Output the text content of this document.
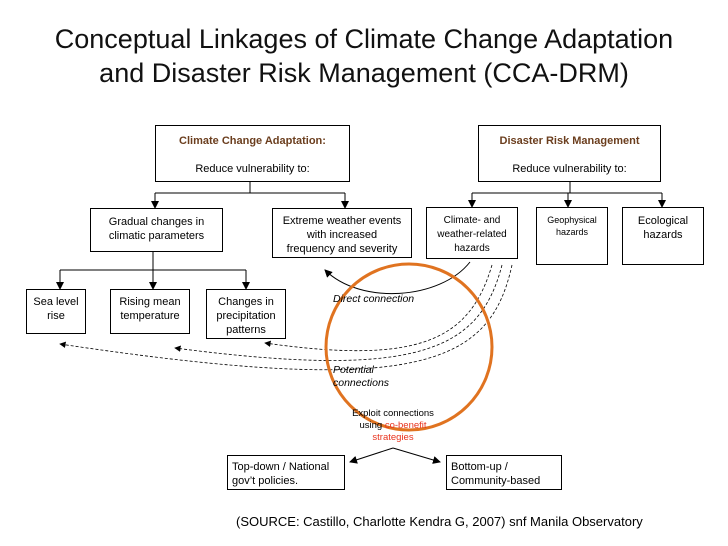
Conceptual Linkages of Climate Change Adaptation
and Disaster Risk Management (CCA-DRM)
Climate Change Adaptation:
Reduce vulnerability to:
Disaster Risk Management
Reduce vulnerability to:
Gradual changes in
climatic parameters
Extreme weather events
with increased
frequency and severity
Climate- and
weather-related
hazards
Geophysical
hazards
Ecological
hazards
Sea level
rise
Rising mean
temperature
Changes in
precipitation
patterns
Direct connection
Potential
connections
Exploit connections
using co-benefit
strategies
Top-down / National
gov’t policies.
Bottom-up /
Community-based
(SOURCE: Castillo, Charlotte Kendra G, 2007) snf Manila Observatory
